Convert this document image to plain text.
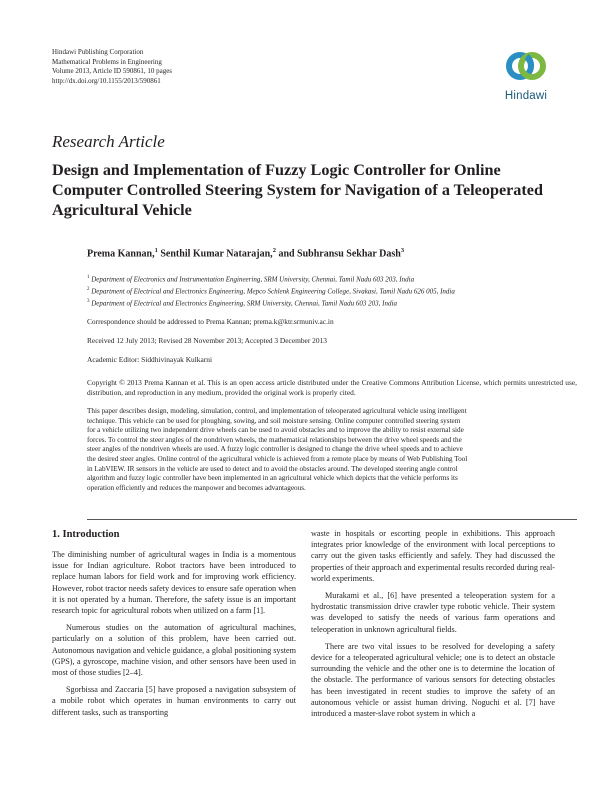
Hindawi Publishing Corporation
Mathematical Problems in Engineering
Volume 2013, Article ID 590861, 10 pages
http://dx.doi.org/10.1155/2013/590861
Hindawi
Research Article
Design and Implementation of Fuzzy Logic Controller for Online Computer Controlled Steering System for Navigation of a Teleoperated Agricultural Vehicle
Prema Kannan,$^1$ Senthil Kumar Natarajan,$^2$ and Subhransu Sekhar Dash$^3$
$^1$ Department of Electronics and Instrumentation Engineering, SRM University, Chennai, Tamil Nadu 603 203, India
$^2$ Department of Electrical and Electronics Engineering, Mepco Schlenk Engineering College, Sivakasi, Tamil Nadu 626 005, India
$^3$ Department of Electrical and Electronics Engineering, SRM University, Chennai, Tamil Nadu 603 203, India
Correspondence should be addressed to Prema Kannan; prema.k@ktr.srmuniv.ac.in
Received 12 July 2013; Revised 28 November 2013; Accepted 3 December 2013
Academic Editor: Siddhivinayak Kulkarni
Copyright © 2013 Prema Kannan et al. This is an open access article distributed under the Creative Commons Attribution License, which permits unrestricted use, distribution, and reproduction in any medium, provided the original work is properly cited.
This paper describes design, modeling, simulation, control, and implementation of teleoperated agricultural vehicle using intelligent
technique. This vehicle can be used for ploughing, sowing, and soil moisture sensing. Online computer controlled steering system
for a vehicle utilizing two independent drive wheels can be used to avoid obstacles and to improve the ability to resist external side
forces. To control the steer angles of the nondriven wheels, the mathematical relationships between the drive wheel speeds and the
steer angles of the nondriven wheels are used. A fuzzy logic controller is designed to change the drive wheel speeds and to achieve
the desired steer angles. Online control of the agricultural vehicle is achieved from a remote place by means of Web Publishing Tool
in LabVIEW. IR sensors in the vehicle are used to detect and to avoid the obstacles around. The developed steering angle control
algorithm and fuzzy logic controller have been implemented in an agricultural vehicle which depicts that the vehicle performs its
operation efficiently and reduces the manpower and becomes advantageous.
1. Introduction

The diminishing number of agricultural wages in India is a momentous issue for Indian agriculture. Robot tractors have been introduced to replace human labors for field work and for improving work efficiency. However, robot tractor needs safety devices to ensure safe operation when it is not operated by a human. Therefore, the safety issue is an important research topic for agricultural robots when utilized on a farm [1].

Numerous studies on the automation of agricultural machines, particularly on a solution of this problem, have been carried out. Autonomous navigation and vehicle guidance, a global positioning system (GPS), a gyroscope, machine vision, and other sensors have been used in most of those studies [2–4].

Sgorbissa and Zaccaria [5] have proposed a navigation subsystem of a mobile robot which operates in human environments to carry out different tasks, such as transporting

waste in hospitals or escorting people in exhibitions. This approach integrates prior knowledge of the environment with local perceptions to carry out the given tasks efficiently and safely. They had discussed the properties of their approach and experimental results recorded during real-world experiments.

Murakami et al., [6] have presented a teleoperation system for a hydrostatic transmission drive crawler type robotic vehicle. Their system was developed to satisfy the needs of various farm operations and teleoperation in unknown agricultural fields.

There are two vital issues to be resolved for developing a safety device for a teleoperated agricultural vehicle; one is to detect an obstacle surrounding the vehicle and the other one is to determine the location of the obstacle. The performance of various sensors for detecting obstacles has been investigated in recent studies to improve the safety of an autonomous vehicle or assist human driving. Noguchi et al. [7] have introduced a master-slave robot system in which a
